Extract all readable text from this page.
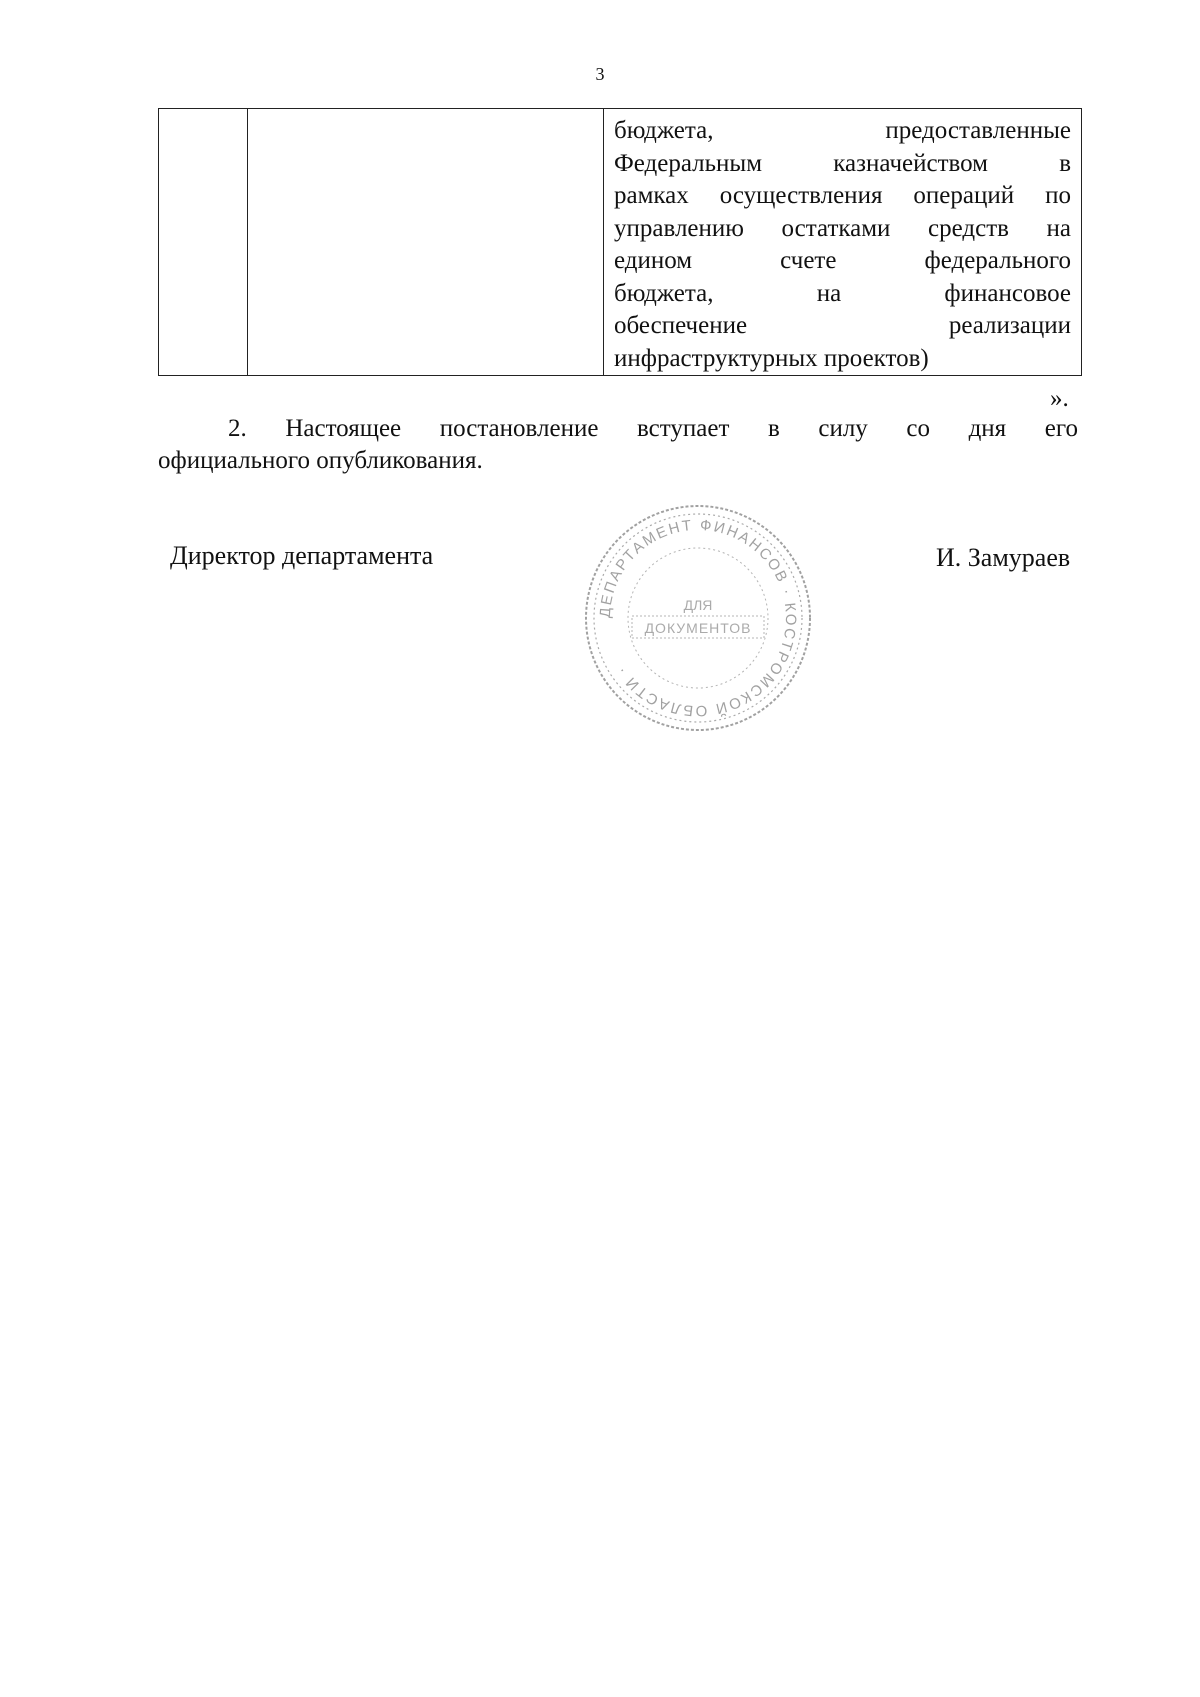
3

бюджета, предоставленные
Федеральным казначейством в
рамках осуществления операций по
управлению остатками средств на
едином счете федерального
бюджета, на финансовое
обеспечение реализации
инфраструктурных проектов)
».
2. Настоящее постановление вступает в силу со дня его
официального опубликования.
Директор департамента	И. Замураев
ДЕПАРТАМЕНТ ФИНАНСОВ · КОСТРОМСКОЙ ОБЛАСТИ ·
ДЛЯ
ДОКУМЕНТОВ
